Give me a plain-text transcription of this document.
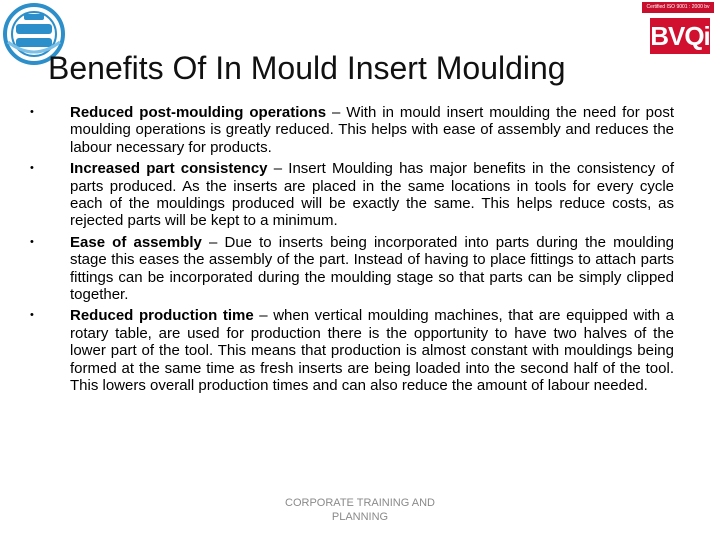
Certified ISO 9001 : 2000 bv
BVQi
Benefits Of In Mould Insert Moulding
•	Reduced post-moulding operations – With in mould insert moulding the need for post moulding operations is greatly reduced. This helps with ease of assembly and reduces the labour necessary for products.
•	Increased part consistency – Insert Moulding has major benefits in the consistency of parts produced. As the inserts are placed in the same locations in tools for every cycle each of the mouldings produced will be exactly the same. This helps reduce costs, as rejected parts will be kept to a minimum.
•	Ease of assembly – Due to inserts being incorporated into parts during the moulding stage this eases the assembly of the part. Instead of having to place fittings to attach parts fittings can be incorporated during the moulding stage so that parts can be simply clipped together.
•	Reduced production time – when vertical moulding machines, that are equipped with a rotary table, are used for production there is the opportunity to have two halves of the lower part of the tool. This means that production is almost constant with mouldings being formed at the same time as fresh inserts are being loaded into the second half of the tool. This lowers overall production times and can also reduce the amount of labour needed.
CORPORATE TRAINING AND
PLANNING
